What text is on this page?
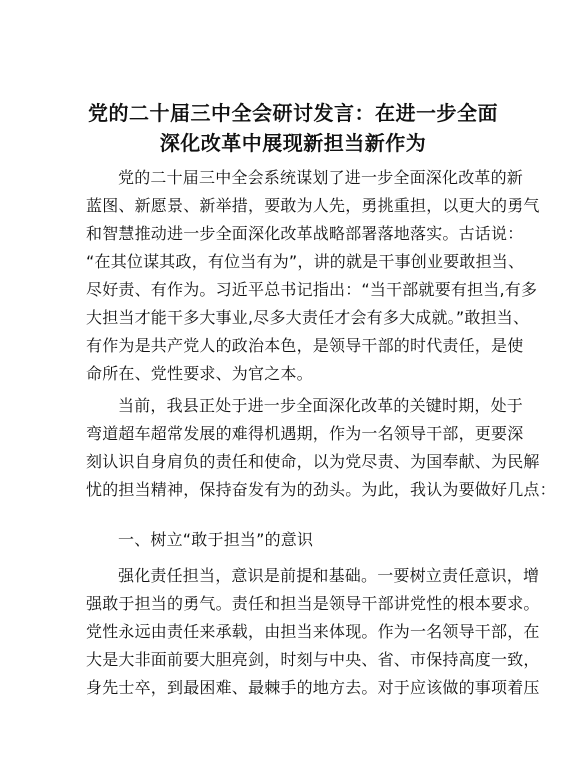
党的二十届三中全会研讨发言：在进一步全面
深化改革中展现新担当新作为
党的二十届三中全会系统谋划了进一步全面深化改革的新
蓝图、新愿景、新举措，要敢为人先，勇挑重担，以更大的勇气
和智慧推动进一步全面深化改革战略部署落地落实。古话说：
“在其位谋其政，有位当有为”，讲的就是干事创业要敢担当、
尽好责、有作为。习近平总书记指出：“当干部就要有担当,有多
大担当才能干多大事业,尽多大责任才会有多大成就。”敢担当、
有作为是共产党人的政治本色，是领导干部的时代责任，是使
命所在、党性要求、为官之本。
当前，我县正处于进一步全面深化改革的关键时期，处于
弯道超车超常发展的难得机遇期，作为一名领导干部，更要深
刻认识自身肩负的责任和使命，以为党尽责、为国奉献、为民解
忧的担当精神，保持奋发有为的劲头。为此，我认为要做好几点：
一、树立“敢于担当”的意识
强化责任担当，意识是前提和基础。一要树立责任意识，增
强敢于担当的勇气。责任和担当是领导干部讲党性的根本要求。
党性永远由责任来承载，由担当来体现。作为一名领导干部，在
大是大非面前要大胆亮剑，时刻与中央、省、市保持高度一致，
身先士卒，到最困难、最棘手的地方去。对于应该做的事项着压
